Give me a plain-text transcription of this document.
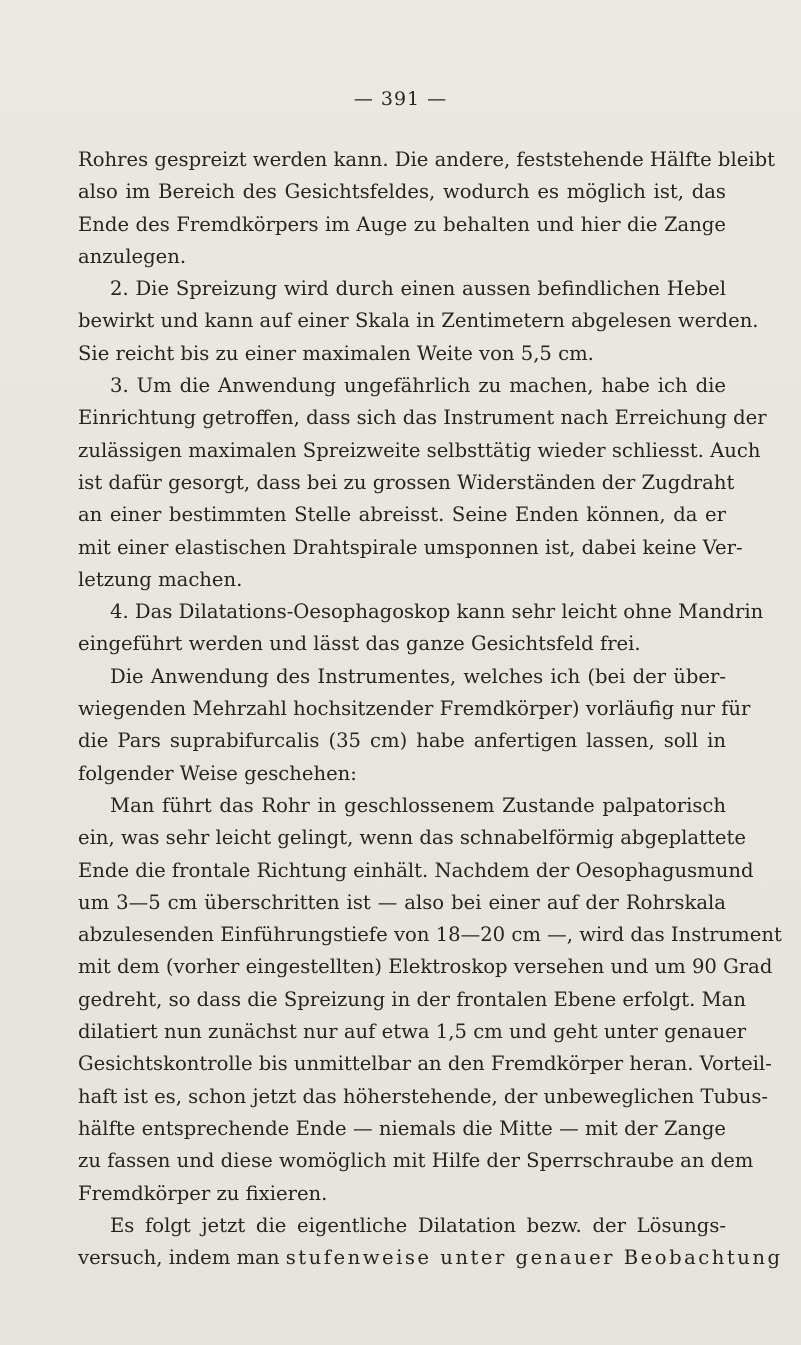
— 391 —
Rohres gespreizt werden kann. Die andere, feststehende Hälfte bleibt
also im Bereich des Gesichtsfeldes, wodurch es möglich ist, das
Ende des Fremdkörpers im Auge zu behalten und hier die Zange
anzulegen.
2. Die Spreizung wird durch einen aussen befindlichen Hebel
bewirkt und kann auf einer Skala in Zentimetern abgelesen werden.
Sie reicht bis zu einer maximalen Weite von 5,5 cm.
3. Um die Anwendung ungefährlich zu machen, habe ich die
Einrichtung getroffen, dass sich das Instrument nach Erreichung der
zulässigen maximalen Spreizweite selbsttätig wieder schliesst. Auch
ist dafür gesorgt, dass bei zu grossen Widerständen der Zugdraht
an einer bestimmten Stelle abreisst. Seine Enden können, da er
mit einer elastischen Drahtspirale umsponnen ist, dabei keine Ver-
letzung machen.
4. Das Dilatations-Oesophagoskop kann sehr leicht ohne Mandrin
eingeführt werden und lässt das ganze Gesichtsfeld frei.
Die Anwendung des Instrumentes, welches ich (bei der über-
wiegenden Mehrzahl hochsitzender Fremdkörper) vorläufig nur für
die Pars suprabifurcalis (35 cm) habe anfertigen lassen, soll in
folgender Weise geschehen:
Man führt das Rohr in geschlossenem Zustande palpatorisch
ein, was sehr leicht gelingt, wenn das schnabelförmig abgeplattete
Ende die frontale Richtung einhält. Nachdem der Oesophagusmund
um 3—5 cm überschritten ist — also bei einer auf der Rohrskala
abzulesenden Einführungstiefe von 18—20 cm —, wird das Instrument
mit dem (vorher eingestellten) Elektroskop versehen und um 90 Grad
gedreht, so dass die Spreizung in der frontalen Ebene erfolgt. Man
dilatiert nun zunächst nur auf etwa 1,5 cm und geht unter genauer
Gesichtskontrolle bis unmittelbar an den Fremdkörper heran. Vorteil-
haft ist es, schon jetzt das höherstehende, der unbeweglichen Tubus-
hälfte entsprechende Ende — niemals die Mitte — mit der Zange
zu fassen und diese womöglich mit Hilfe der Sperrschraube an dem
Fremdkörper zu fixieren.
Es folgt jetzt die eigentliche Dilatation bezw. der Lösungs-
versuch, indem man stufenweise unter genauer Beobachtung
